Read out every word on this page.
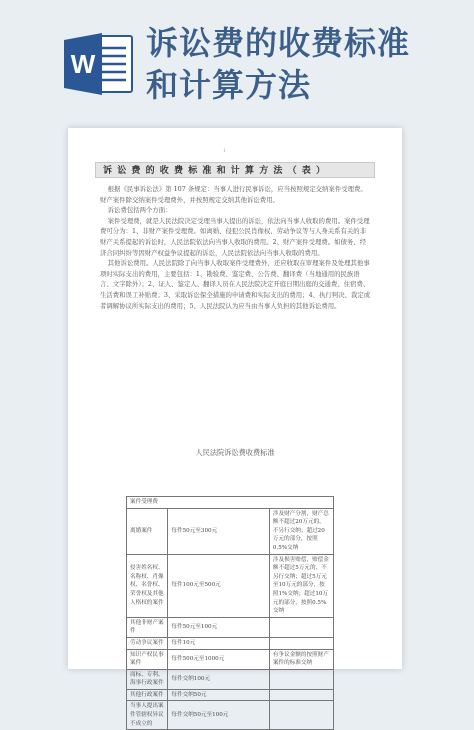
W
诉讼费的收费标准
和计算方法
1
诉讼费的收费标准和计算方法（表）

根据《民事诉讼法》第 107 条规定：当事人进行民事诉讼，应当按照规定交纳案件受理费。财产案件除交纳案件受理费外，并按照规定交纳其他诉讼费用。

诉讼费包括两个方面：

案件受理费，就是人民法院决定受理当事人提出的诉讼，依法向当事人收取的费用。案件受理费可分为：1、非财产案件受理费。如离婚、侵犯公民肖像权、劳动争议等与人身关系有关的非财产关系提起的诉讼时，人民法院依法向当事人收取的费用。2、财产案件受理费。如债务、经济合同纠纷等因财产权益争议提起的诉讼，人民法院依法向当事人收取的费用。

其他诉讼费用。人民法院除了向当事人收取案件受理费外，还应收取在审理案件及处理其他事项时实际支出的费用，主要包括：1、勘验费、鉴定费、公告费、翻译费（当地通用的民族语言、文字除外）；2、证人、鉴定人、翻译人员在人民法院决定开庭日期出庭的交通费、住宿费、生活费和误工补贴费；3、采取诉讼保全措施的申请费和实际支出的费用；4、执行判决、裁定或者调解协议所实际支出的费用；5、人民法院认为应当由当事人负担的其他诉讼费用。

人民法院诉讼费收费标准
案件受理费		
离婚案件	每件50元至300元	涉及财产分割，财产总额不超过20万元的，不另行交纳；超过20万元的部分，按照0.5%交纳
侵害姓名权、名称权、肖像权、名誉权、荣誉权及其他人格权的案件	每件100元至500元	涉及损害赔偿，赔偿金额不超过5万元的，不另行交纳；超过5万元至10万元的部分，按照1%交纳；超过10万元的部分，按照0.5%交纳
其他非财产案件	每件50元至100元	
劳动争议案件	每件10元	
知识产权民事案件	每件500元至1000元	有争议金额的按照财产案件的标准交纳
商标、专利、海事行政案件	每件交纳100元	
其他行政案件	每件交纳50元	
当事人提出案件管辖权异议不成立的	每件交纳50元至100元	
